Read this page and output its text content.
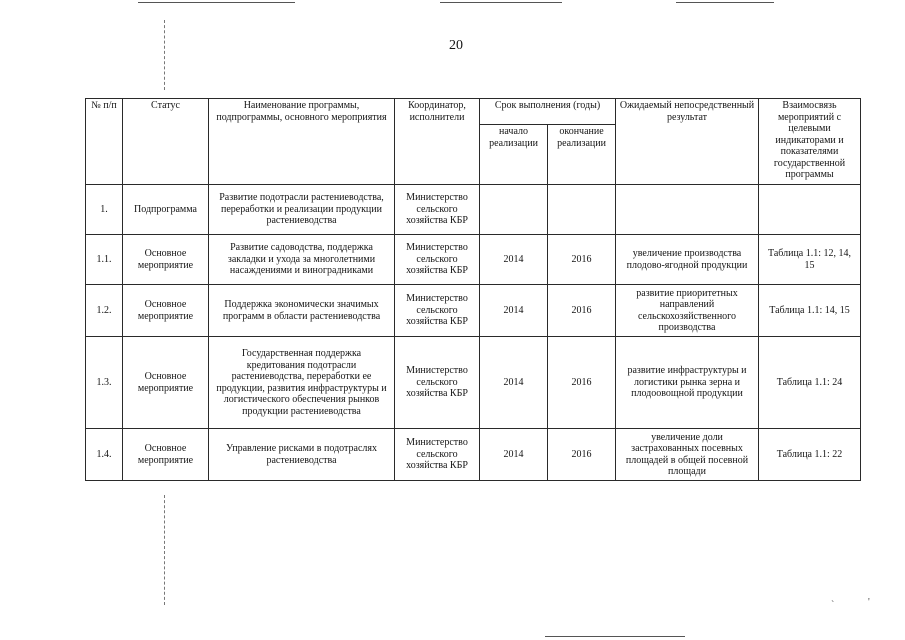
`	'
20
№ п/п	Статус	Наименование программы, подпрограммы, основного мероприятия	Координатор, исполнители	Срок выполнения (годы)		Ожидаемый непосредственный результат	Взаимосвязь мероприятий с целевыми индикаторами и показателями государственной программы
				начало реализации	окончание реализации		
1.	Подпрограмма	Развитие подотрасли растениеводства, переработки и реализации продукции растениеводства	Министерство сельского хозяйства КБР				
1.1.	Основное мероприятие	Развитие садоводства, поддержка закладки и ухода за многолетними насаждениями и виноградниками	Министерство сельского хозяйства КБР	2014	2016	увеличение производства плодово-ягодной продукции	Таблица 1.1: 12, 14, 15
1.2.	Основное мероприятие	Поддержка экономически значимых программ в области растениеводства	Министерство сельского хозяйства КБР	2014	2016	развитие приоритетных направлений сельскохозяйственного производства	Таблица 1.1: 14, 15
1.3.	Основное мероприятие	Государственная поддержка кредитования подотрасли растениеводства, переработки ее продукции, развития инфраструктуры и логистического обеспечения рынков продукции растениеводства	Министерство сельского хозяйства КБР	2014	2016	развитие инфраструктуры и логистики рынка зерна и плодоовощной продукции	Таблица 1.1: 24
1.4.	Основное мероприятие	Управление рисками в подотраслях растениеводства	Министерство сельского хозяйства КБР	2014	2016	увеличение доли застрахованных посевных площадей в общей посевной площади	Таблица 1.1: 22
